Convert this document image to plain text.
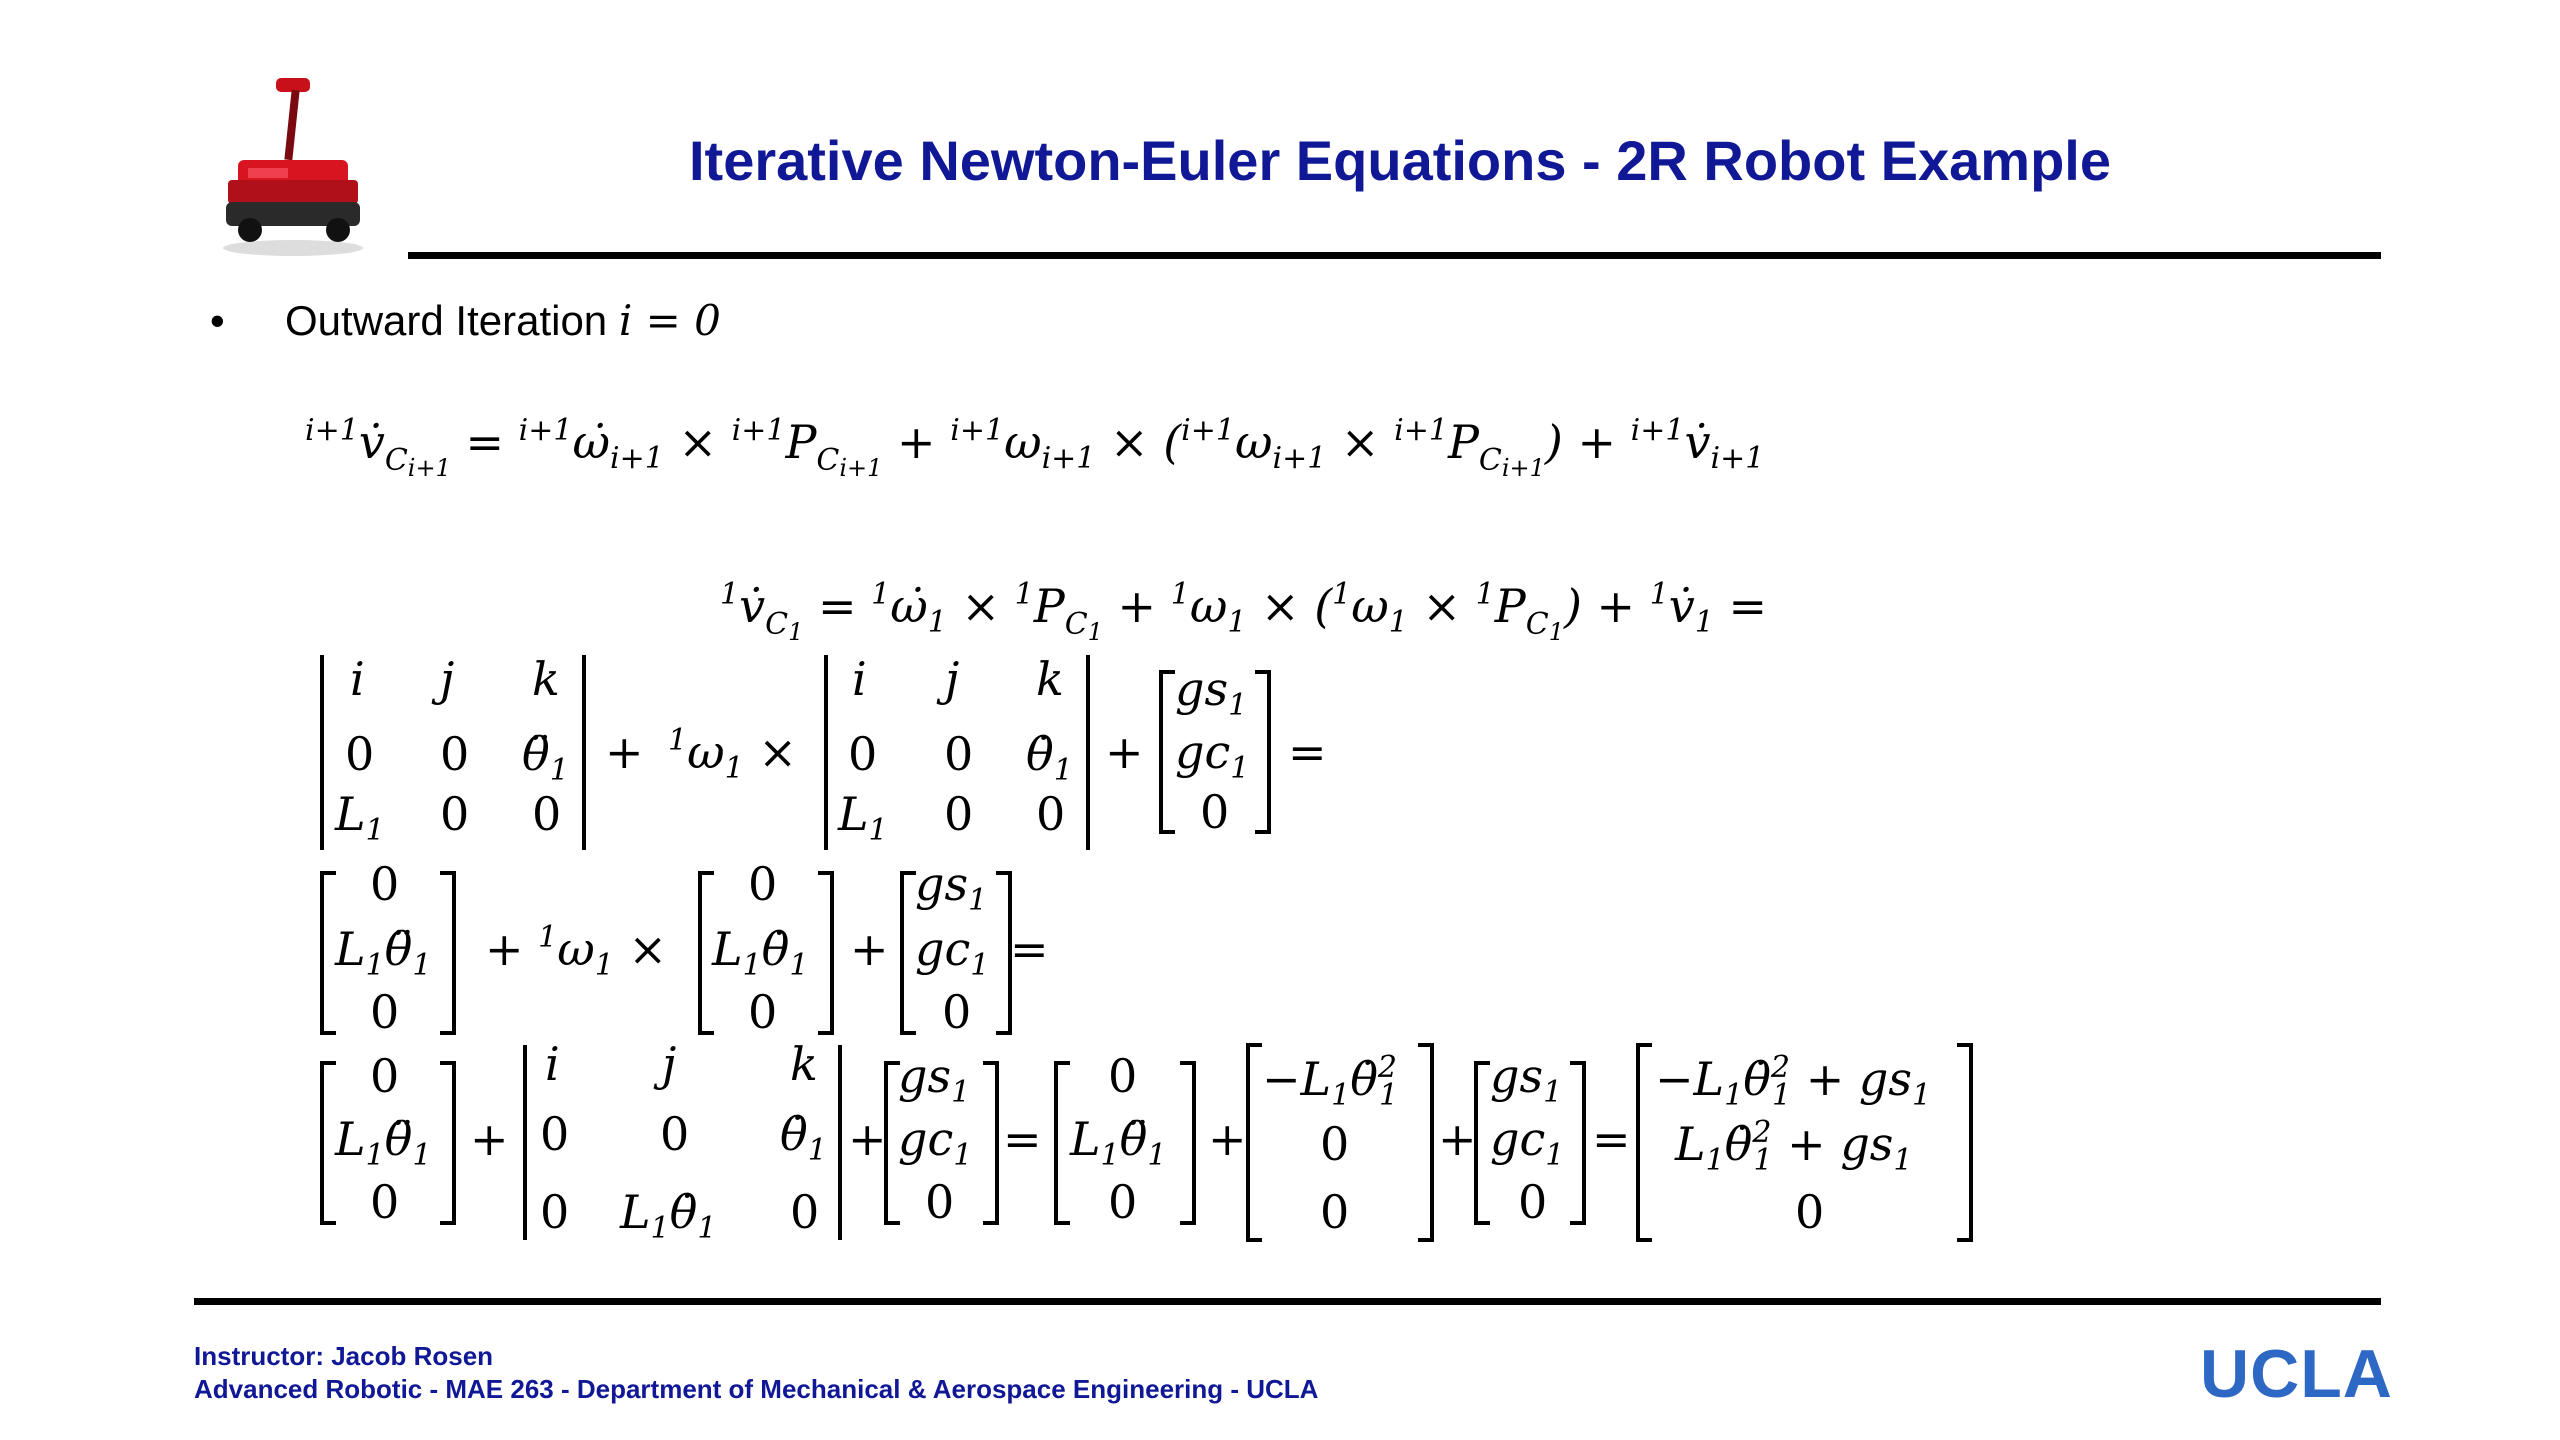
Iterative Newton-Euler Equations - 2R Robot Example
• Outward Iteration i = 0
$^{i+1}v̇_Ci+1$ = $^{i+1}\omegȧ_{i+1} \times ^{i+1}P_Ci+1 + ^{i+1}\omega_{i+1} \times (^{i+1}\omega_{i+1} \times ^{i+1}P_Ci+1)$ + $^{i+1}v̇_{i+1}$
$^1v̇_C1$ = $^1\omegȧ_1 \times ^1P_C1 + ^1\omega_1 \times (^1\omega_1 \times ^1P_C1)$ + $^1v̇_1$ =
i j k
0 0 $\thetä_1$
$L_1$ 0 0
+ $^1\omega_1$ ×
i j k
0 0 $\thetȧ_1$
$L_1$ 0 0
+
$gs_1$
$gc_1$
0
=
0
$L_1\thetä_1$
0
+ $^1\omega_1$ ×
0
$L_1\thetȧ_1$
0
+
$gs_1$
$gc_1$
0
=
0
$L_1\thetä_1$
0
+
i j k
0 0 $\thetȧ_1$
0 $L_1\thetȧ_1$ 0
+
$gs_1$
$gc_1$
0
=
0
$L_1\thetä_1$
0
+
$-L_1\thetȧ^2$ 1
0
0
+
$gs_1$
$gc_1$
0
=
$-L_1\thetȧ^2$ $1 + gs_1$
$L_1\thetȧ^2$ $1 + gs_1$
0
Instructor: Jacob Rosen
Advanced Robotic - MAE 263 - Department of Mechanical & Aerospace Engineering - UCLA	UCLA
